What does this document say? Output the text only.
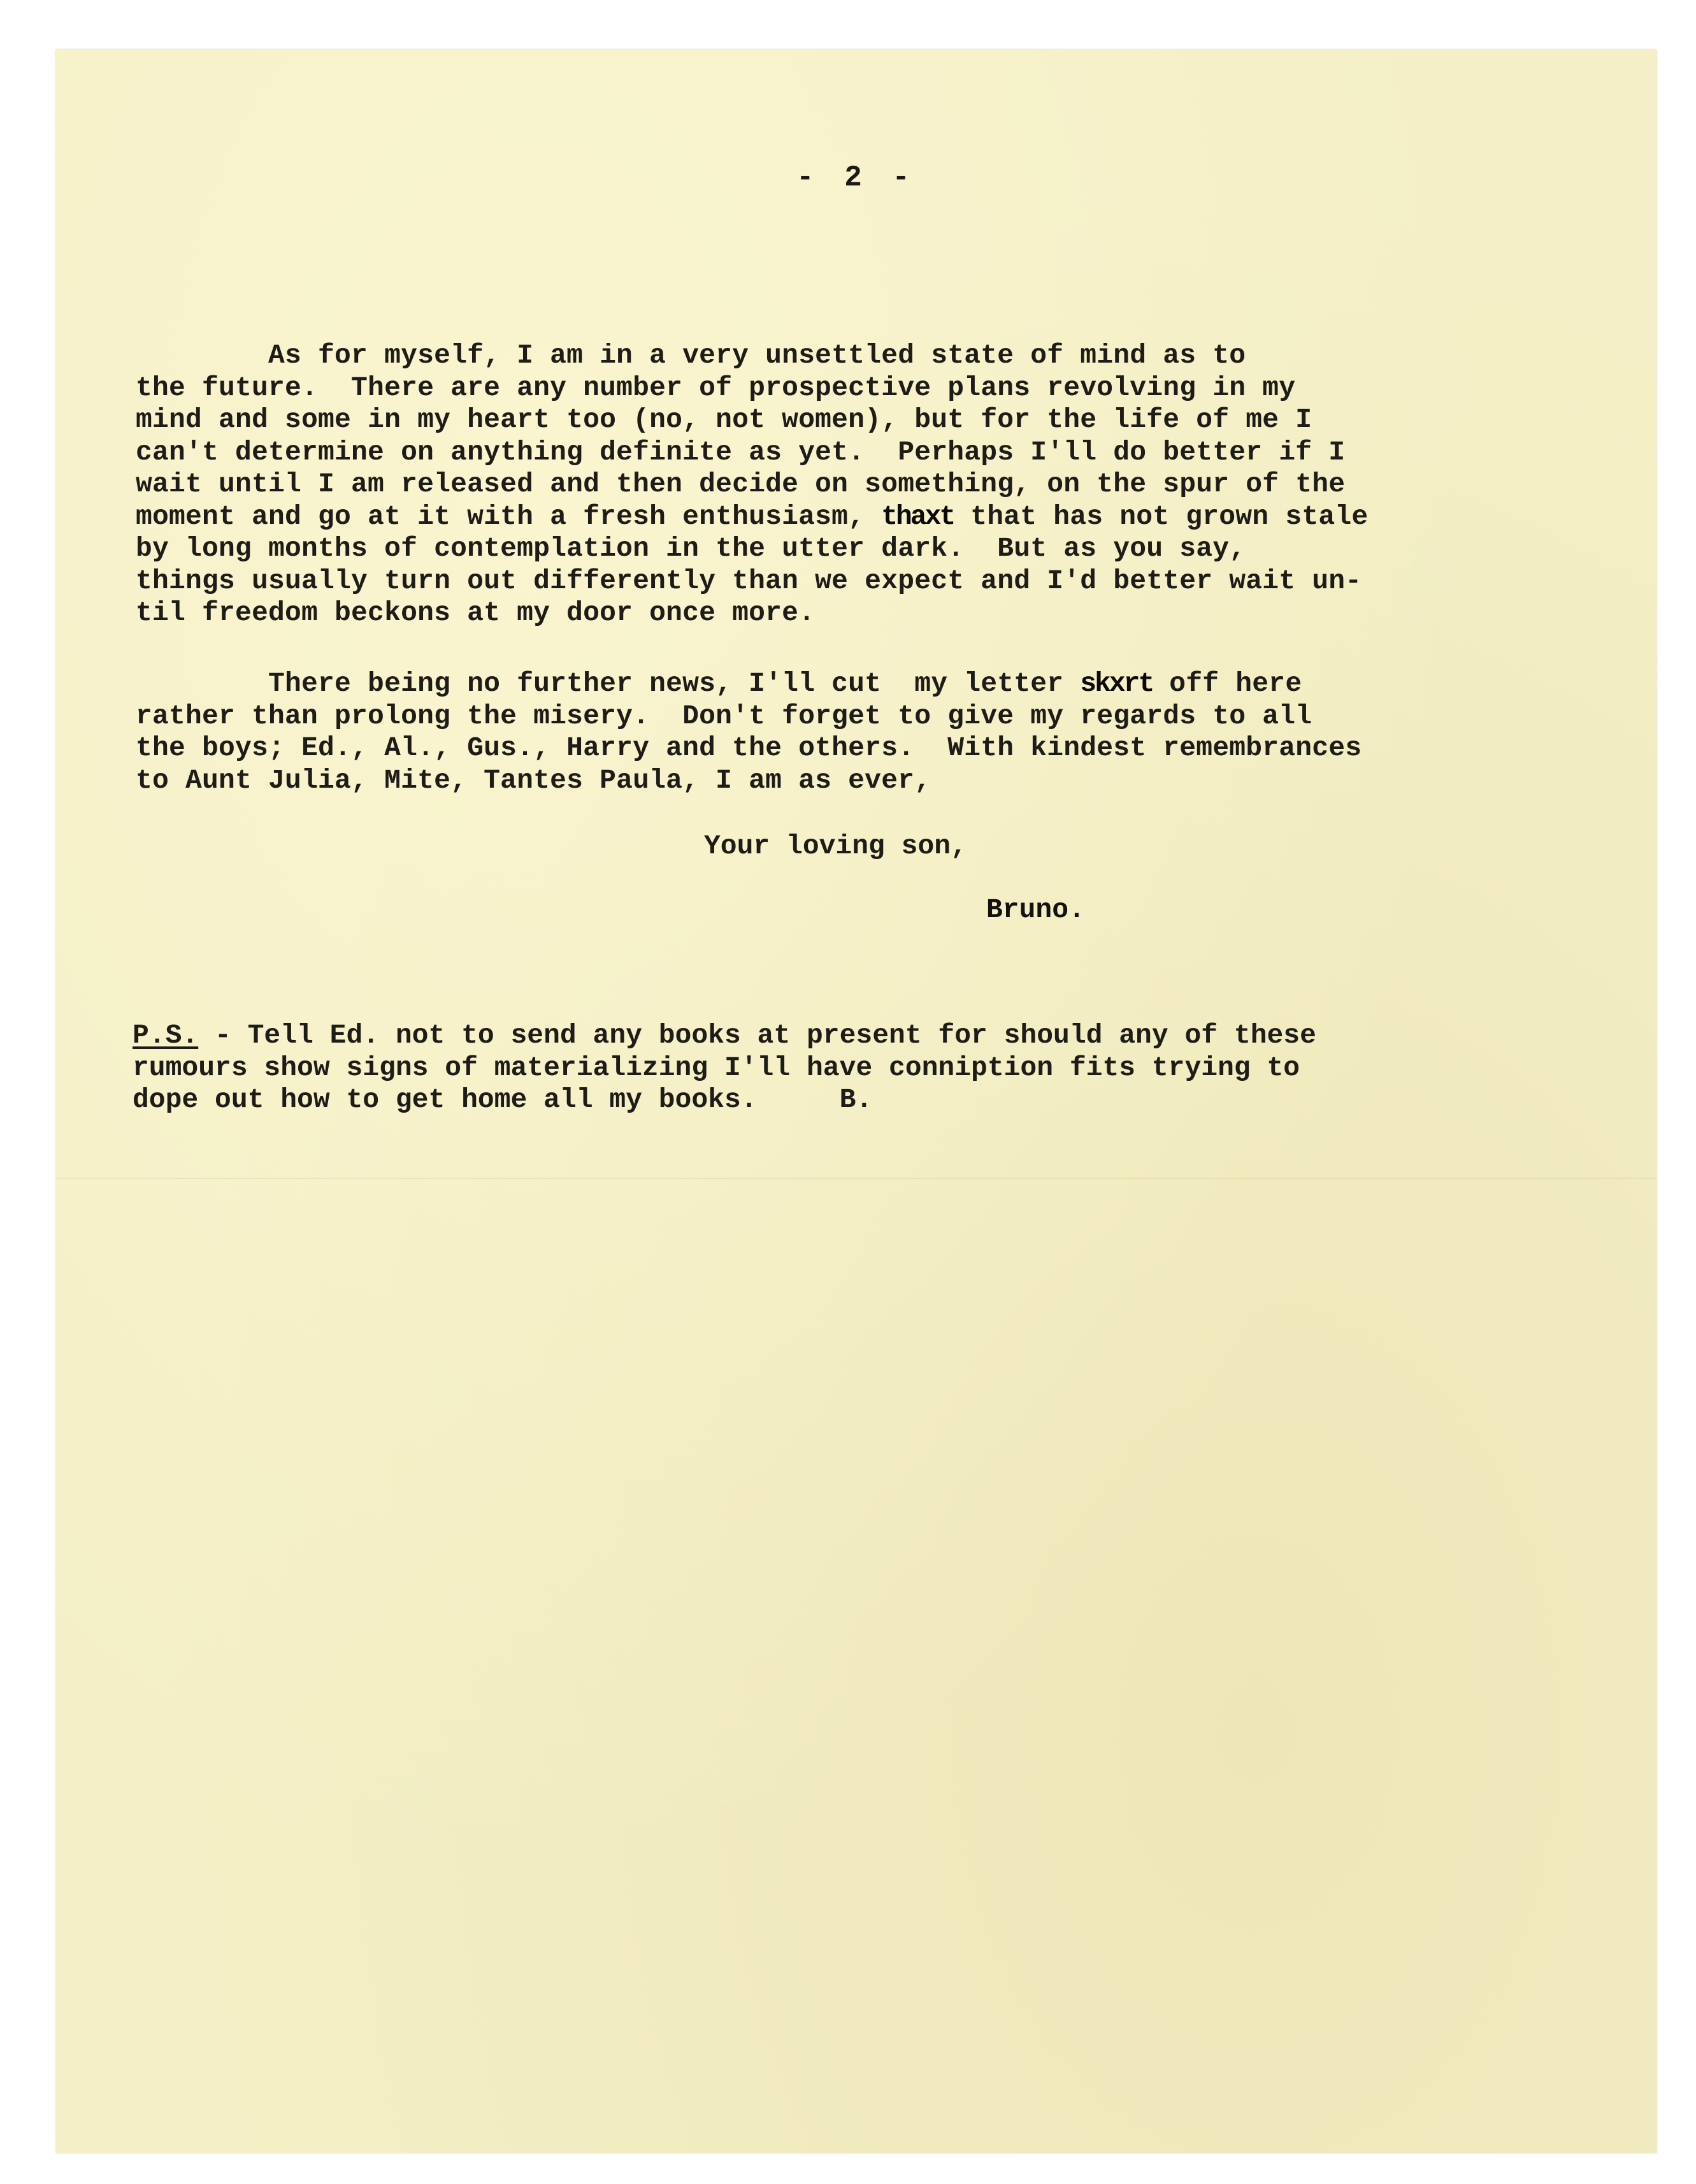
- 2 -
As for myself, I am in a very unsettled state of mind as to
the future.  There are any number of prospective plans revolving in my
mind and some in my heart too (no, not women), but for the life of me I
can't determine on anything definite as yet.  Perhaps I'll do better if I
wait until I am released and then decide on something, on the spur of the
moment and go at it with a fresh enthusiasm, thaxt that has not grown stale
by long months of contemplation in the utter dark.  But as you say,
things usually turn out differently than we expect and I'd better wait un-
til freedom beckons at my door once more.
There being no further news, I'll cut  my letter skxrt off here
rather than prolong the misery.  Don't forget to give my regards to all
the boys; Ed., Al., Gus., Harry and the others.  With kindest remembrances
to Aunt Julia, Mite, Tantes Paula, I am as ever,
Your loving son,
Bruno.
P.S. - Tell Ed. not to send any books at present for should any of these
rumours show signs of materializing I'll have conniption fits trying to
dope out how to get home all my books.     B.
